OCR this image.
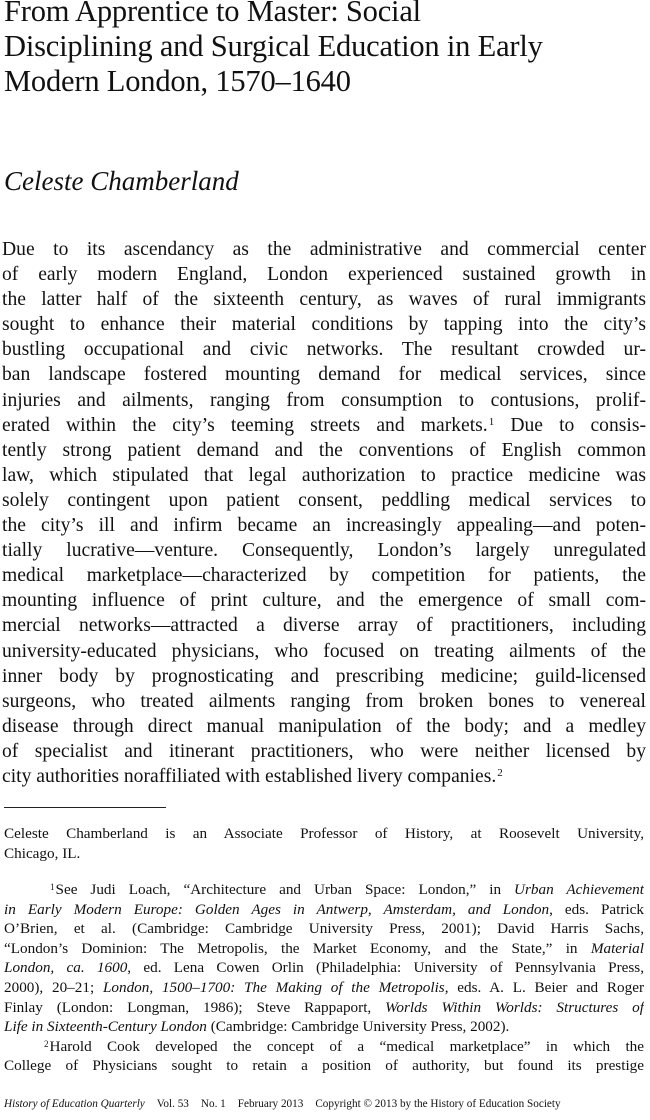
From Apprentice to Master: Social
Disciplining and Surgical Education in Early
Modern London, 1570–1640
Celeste Chamberland
Due to its ascendancy as the administrative and commercial center
of early modern England, London experienced sustained growth in
the latter half of the sixteenth century, as waves of rural immigrants
sought to enhance their material conditions by tapping into the city’s
bustling occupational and civic networks. The resultant crowded ur-
ban landscape fostered mounting demand for medical services, since
injuries and ailments, ranging from consumption to contusions, prolif-
erated within the city’s teeming streets and markets.$^1$ Due to consis-
tently strong patient demand and the conventions of English common
law, which stipulated that legal authorization to practice medicine was
solely contingent upon patient consent, peddling medical services to
the city’s ill and infirm became an increasingly appealing—and poten-
tially lucrative—venture. Consequently, London’s largely unregulated
medical marketplace—characterized by competition for patients, the
mounting influence of print culture, and the emergence of small com-
mercial networks—attracted a diverse array of practitioners, including
university-educated physicians, who focused on treating ailments of the
inner body by prognosticating and prescribing medicine; guild-licensed
surgeons, who treated ailments ranging from broken bones to venereal
disease through direct manual manipulation of the body; and a medley
of specialist and itinerant practitioners, who were neither licensed by
city authorities noraffiliated with established livery companies.$^2$
Celeste Chamberland is an Associate Professor of History, at Roosevelt University,
Chicago, IL.
$^1$See Judi Loach, “Architecture and Urban Space: London,” in Urban Achievement
in Early Modern Europe: Golden Ages in Antwerp, Amsterdam, and London, eds. Patrick
O’Brien, et al. (Cambridge: Cambridge University Press, 2001); David Harris Sachs,
“London’s Dominion: The Metropolis, the Market Economy, and the State,” in Material
London, ca. 1600, ed. Lena Cowen Orlin (Philadelphia: University of Pennsylvania Press,
2000), 20–21; London, 1500–1700: The Making of the Metropolis, eds. A. L. Beier and Roger
Finlay (London: Longman, 1986); Steve Rappaport, Worlds Within Worlds: Structures of
Life in Sixteenth-Century London (Cambridge: Cambridge University Press, 2002).
$^2$Harold Cook developed the concept of a “medical marketplace” in which the
College of Physicians sought to retain a position of authority, but found its prestige
History of Education Quarterly Vol. 53 No. 1 February 2013 Copyright © 2013 by the History of Education Society
